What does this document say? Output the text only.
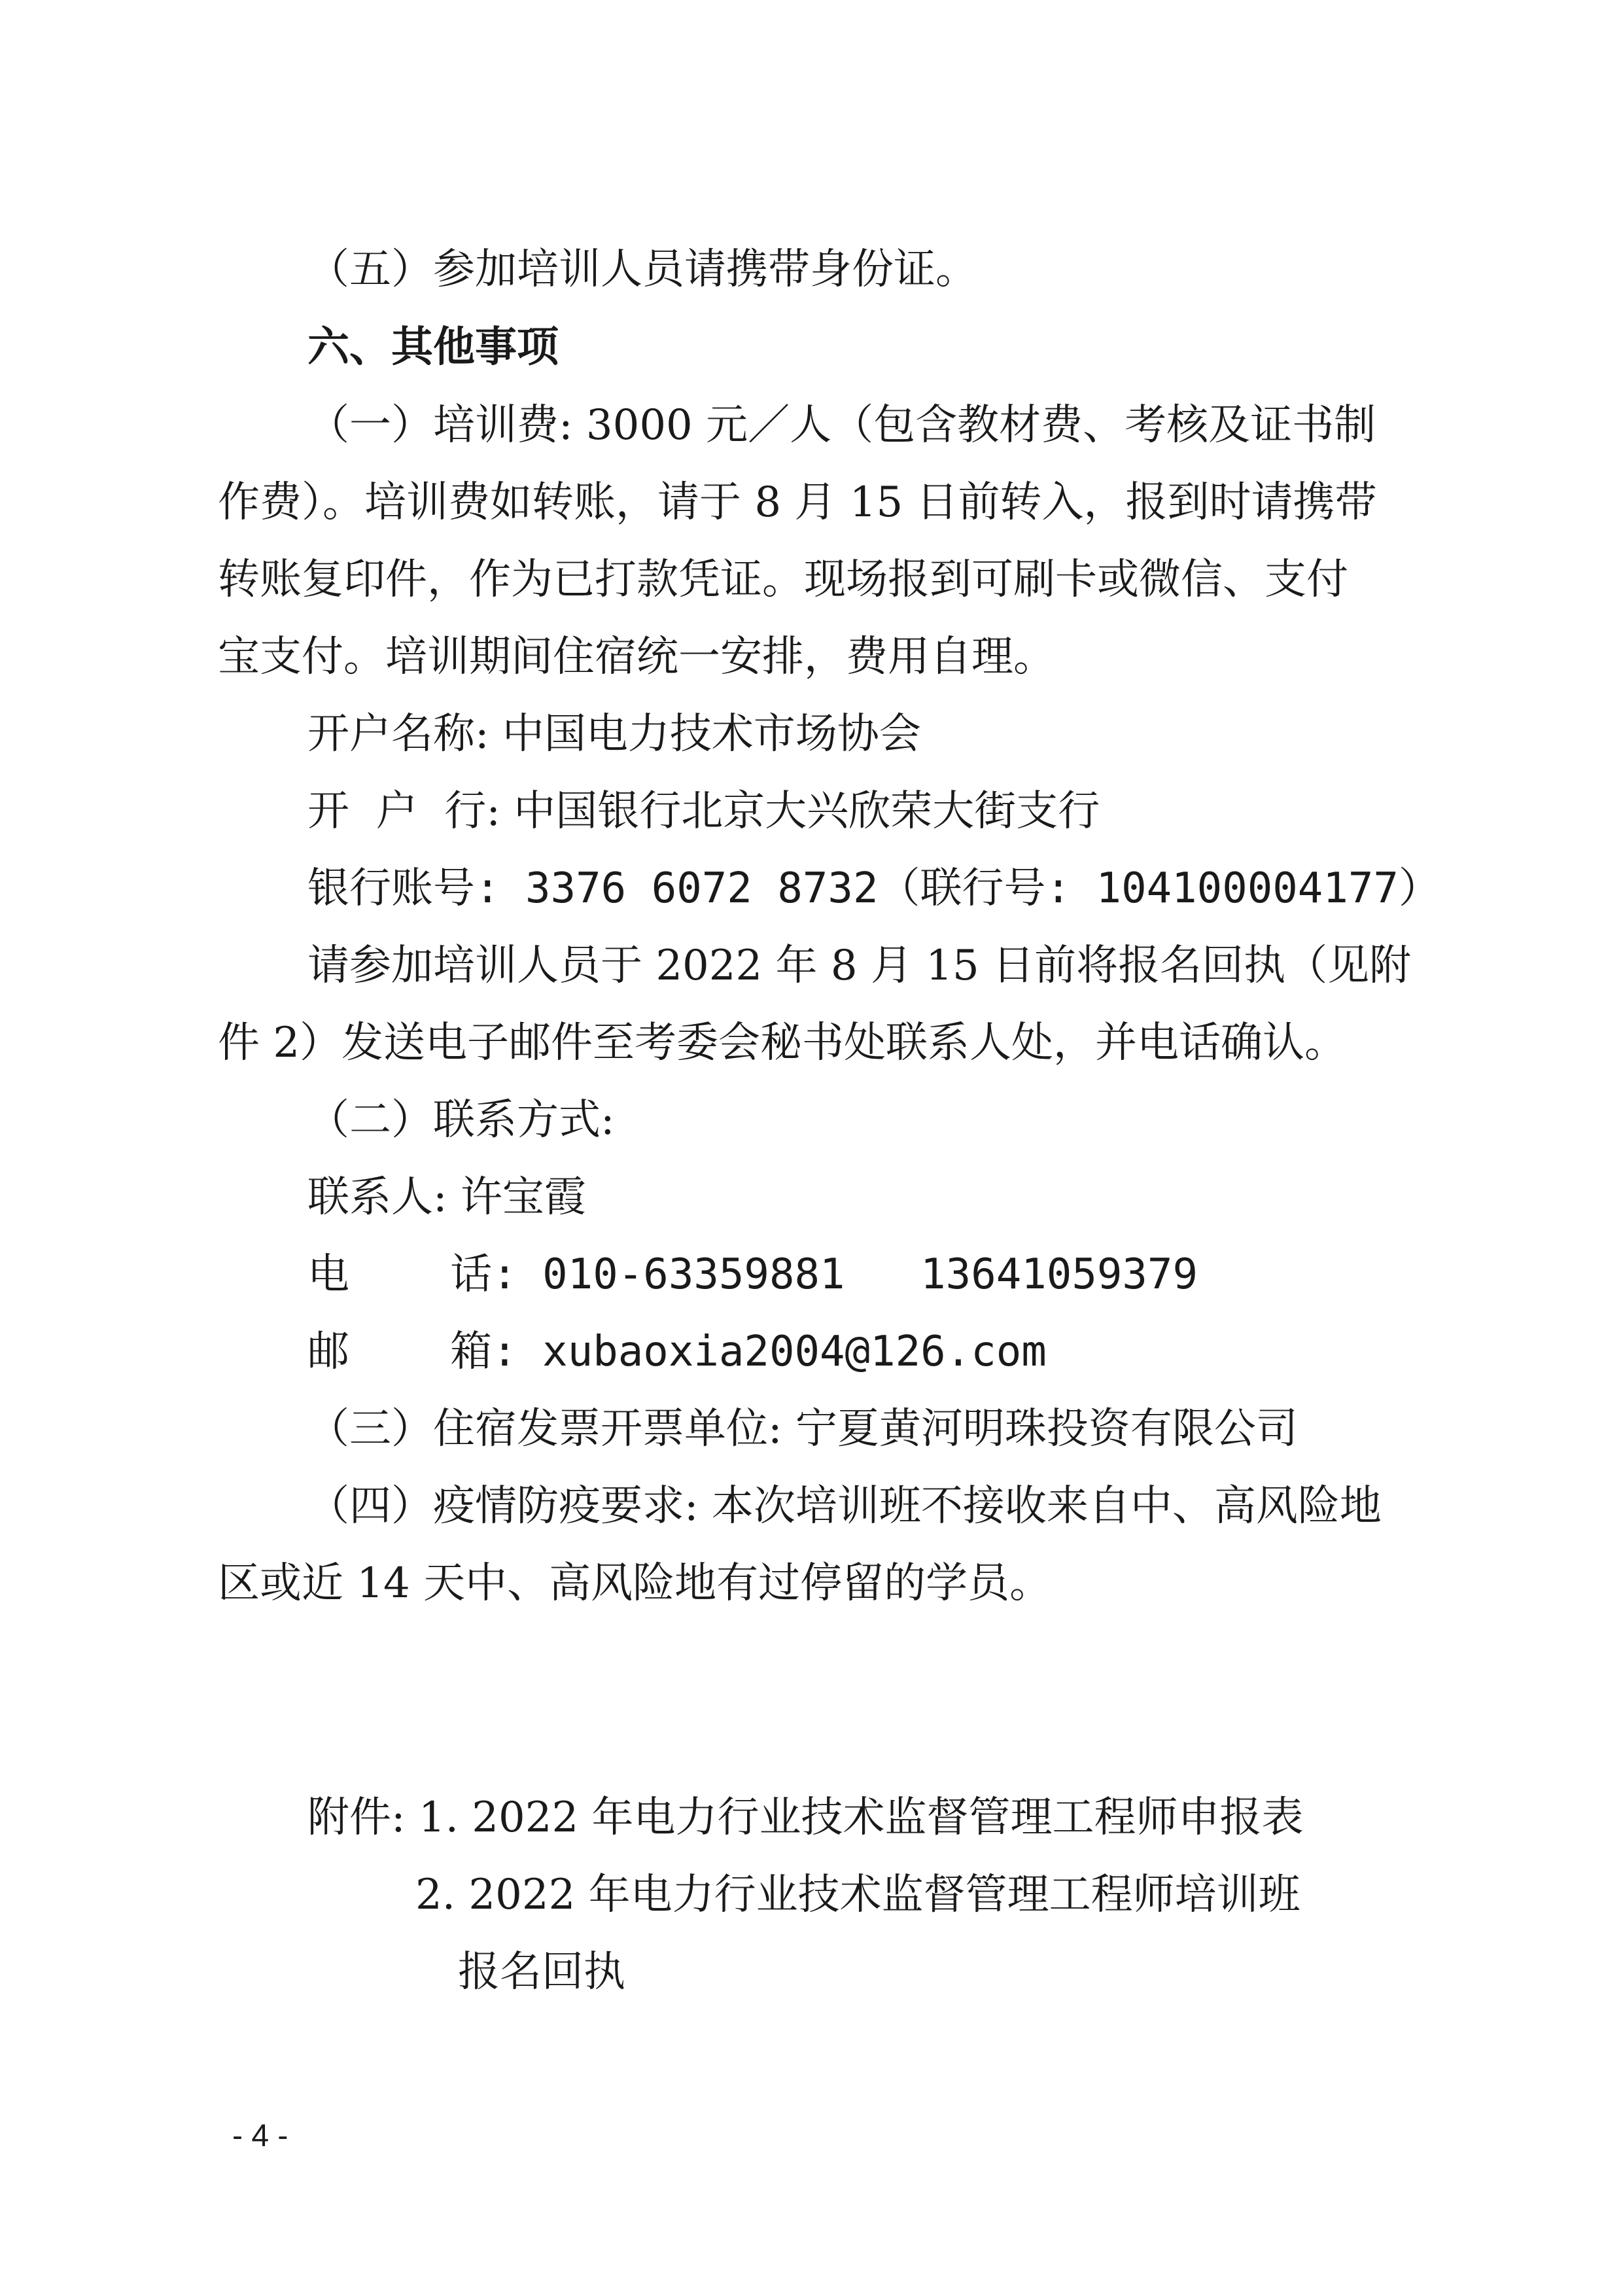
（五）参加培训人员请携带身份证。
六、其他事项
（一）培训费: 3000 元／人（包含教材费、考核及证书制
作费）。培训费如转账，请于 8 月 15 日前转入，报到时请携带
转账复印件，作为已打款凭证。现场报到可刷卡或微信、支付
宝支付。培训期间住宿统一安排，费用自理。
开户名称: 中国电力技术市场协会
开  户  行: 中国银行北京大兴欣荣大街支行
银行账号: 3376 6072 8732（联行号: 104100004177）
请参加培训人员于 2022 年 8 月 15 日前将报名回执（见附
件 2）发送电子邮件至考委会秘书处联系人处，并电话确认。
（二）联系方式:
联系人: 许宝霞
电    话: 010-63359881   13641059379
邮    箱: xubaoxia2004@126.com
（三）住宿发票开票单位: 宁夏黄河明珠投资有限公司
（四）疫情防疫要求: 本次培训班不接收来自中、高风险地
区或近 14 天中、高风险地有过停留的学员。
附件: 1. 2022 年电力行业技术监督管理工程师申报表
2. 2022 年电力行业技术监督管理工程师培训班
报名回执
- 4 -
